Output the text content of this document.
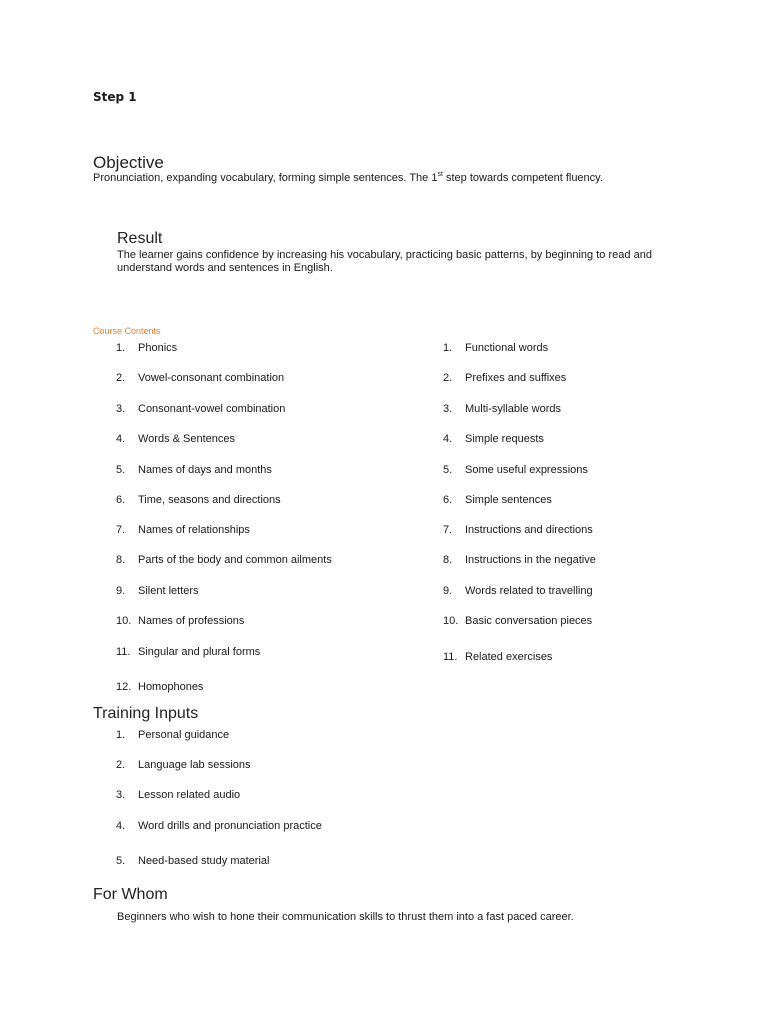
Step 1
Objective
Pronunciation, expanding vocabulary, forming simple sentences. The 1st step towards competent fluency.
Result
The learner gains confidence by increasing his vocabulary, practicing basic patterns, by beginning to read and understand words and sentences in English.
Course Contents
1. Phonics
2. Vowel-consonant combination
3. Consonant-vowel combination
4. Words & Sentences
5. Names of days and months
6. Time, seasons and directions
7. Names of relationships
8. Parts of the body and common ailments
9. Silent letters
10. Names of professions
11. Singular and plural forms
12. Homophones
1. Functional words
2. Prefixes and suffixes
3. Multi-syllable words
4. Simple requests
5. Some useful expressions
6. Simple sentences
7. Instructions and directions
8. Instructions in the negative
9. Words related to travelling
10. Basic conversation pieces
11. Related exercises
Training Inputs
1. Personal guidance
2. Language lab sessions
3. Lesson related audio
4. Word drills and pronunciation practice
5. Need-based study material
For Whom
Beginners who wish to hone their communication skills to thrust them into a fast paced career.
